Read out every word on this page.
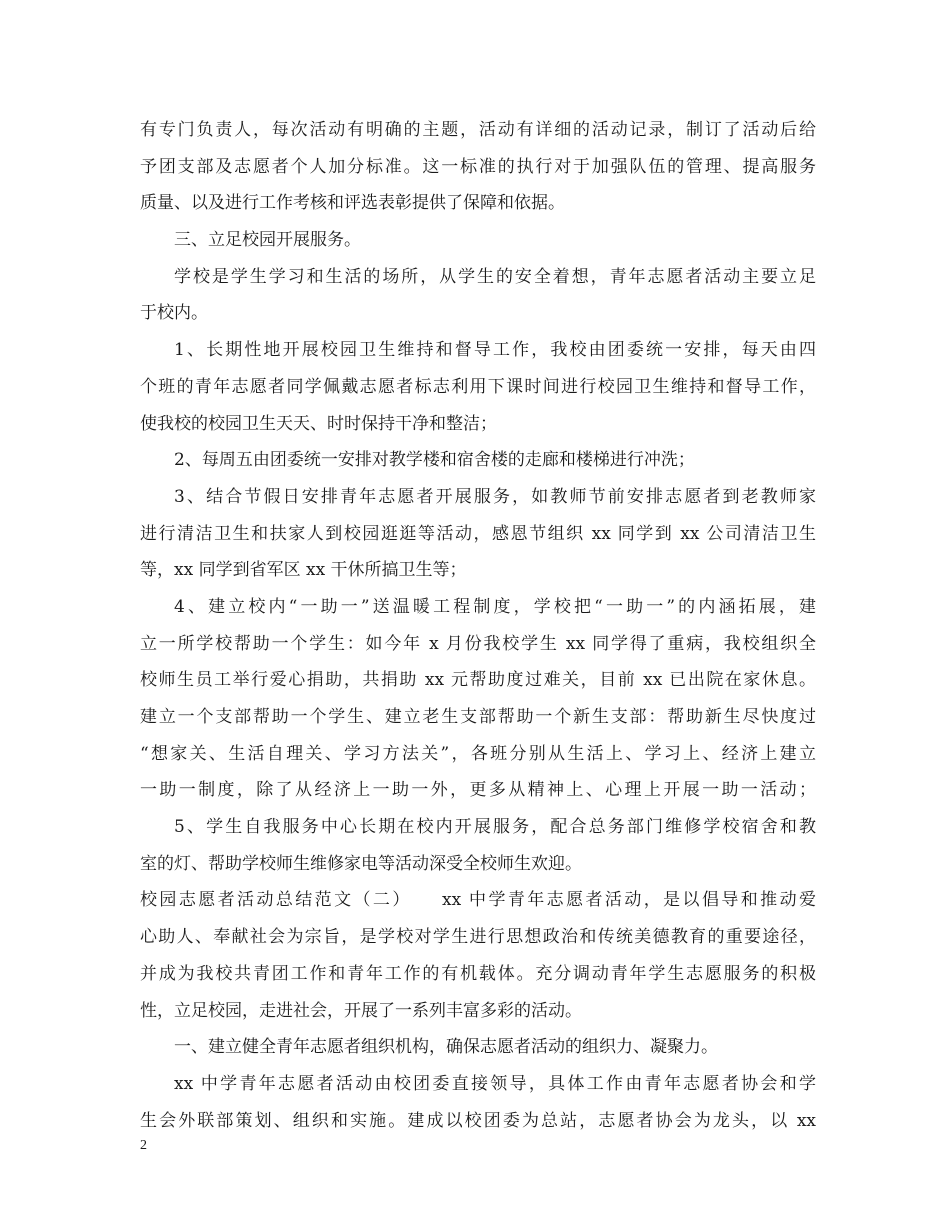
有专门负责人，每次活动有明确的主题，活动有详细的活动记录，制订了活动后给
予团支部及志愿者个人加分标准。这一标准的执行对于加强队伍的管理、提高服务
质量、以及进行工作考核和评选表彰提供了保障和依据。
三、立足校园开展服务。
学校是学生学习和生活的场所，从学生的安全着想，青年志愿者活动主要立足
于校内。
1、长期性地开展校园卫生维持和督导工作，我校由团委统一安排，每天由四
个班的青年志愿者同学佩戴志愿者标志利用下课时间进行校园卫生维持和督导工作，
使我校的校园卫生天天、时时保持干净和整洁；
2、每周五由团委统一安排对教学楼和宿舍楼的走廊和楼梯进行冲洗；
3、结合节假日安排青年志愿者开展服务，如教师节前安排志愿者到老教师家
进行清洁卫生和扶家人到校园逛逛等活动，感恩节组织 xx 同学到 xx 公司清洁卫生
等，xx 同学到省军区 xx 干休所搞卫生等；
4、建立校内“一助一”送温暖工程制度，学校把“一助一”的内涵拓展，建
立一所学校帮助一个学生：如今年 x 月份我校学生 xx 同学得了重病，我校组织全
校师生员工举行爱心捐助，共捐助 xx 元帮助度过难关，目前 xx 已出院在家休息。
建立一个支部帮助一个学生、建立老生支部帮助一个新生支部：帮助新生尽快度过
“想家关、生活自理关、学习方法关”，各班分别从生活上、学习上、经济上建立
一助一制度，除了从经济上一助一外，更多从精神上、心理上开展一助一活动；
5、学生自我服务中心长期在校内开展服务，配合总务部门维修学校宿舍和教
室的灯、帮助学校师生维修家电等活动深受全校师生欢迎。
校园志愿者活动总结范文（二）　　xx 中学青年志愿者活动，是以倡导和推动爱
心助人、奉献社会为宗旨，是学校对学生进行思想政治和传统美德教育的重要途径，
并成为我校共青团工作和青年工作的有机载体。充分调动青年学生志愿服务的积极
性，立足校园，走进社会，开展了一系列丰富多彩的活动。
一、建立健全青年志愿者组织机构，确保志愿者活动的组织力、凝聚力。
xx 中学青年志愿者活动由校团委直接领导，具体工作由青年志愿者协会和学
生会外联部策划、组织和实施。建成以校团委为总站，志愿者协会为龙头，以 xx
2
